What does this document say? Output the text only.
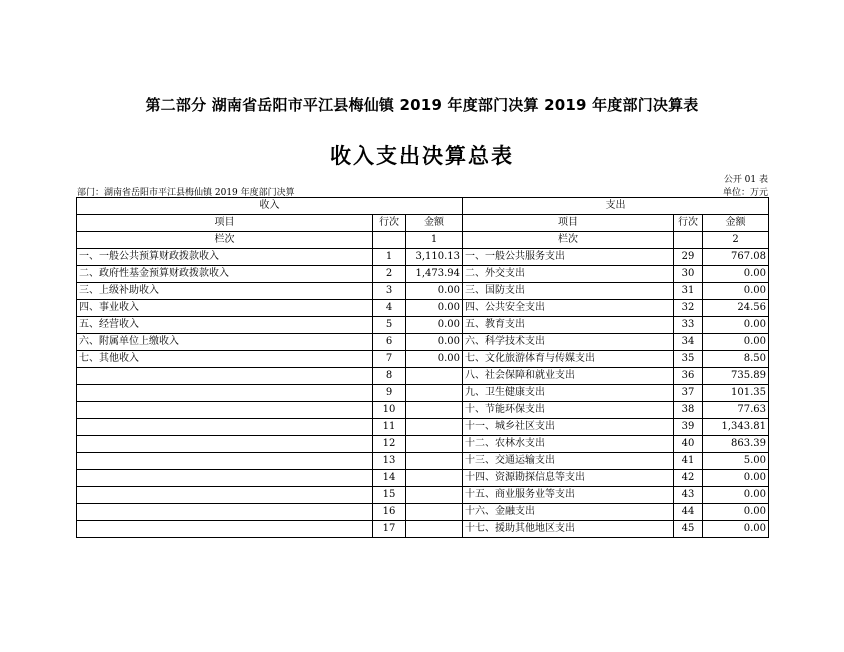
第二部分 湖南省岳阳市平江县梅仙镇 2019 年度部门决算 2019 年度部门决算表
收入支出决算总表
公开 01 表
部门：湖南省岳阳市平江县梅仙镇 2019 年度部门决算	单位：万元
收入			支出		
项目	行次	金额	项目	行次	金额
栏次		1	栏次		2
一、一般公共预算财政拨款收入	1	3,110.13	一、一般公共服务支出	29	767.08
二、政府性基金预算财政拨款收入	2	1,473.94	二、外交支出	30	0.00
三、上级补助收入	3	0.00	三、国防支出	31	0.00
四、事业收入	4	0.00	四、公共安全支出	32	24.56
五、经营收入	5	0.00	五、教育支出	33	0.00
六、附属单位上缴收入	6	0.00	六、科学技术支出	34	0.00
七、其他收入	7	0.00	七、文化旅游体育与传媒支出	35	8.50
	8		八、社会保障和就业支出	36	735.89
	9		九、卫生健康支出	37	101.35
	10		十、节能环保支出	38	77.63
	11		十一、城乡社区支出	39	1,343.81
	12		十二、农林水支出	40	863.39
	13		十三、交通运输支出	41	5.00
	14		十四、资源勘探信息等支出	42	0.00
	15		十五、商业服务业等支出	43	0.00
	16		十六、金融支出	44	0.00
	17		十七、援助其他地区支出	45	0.00
